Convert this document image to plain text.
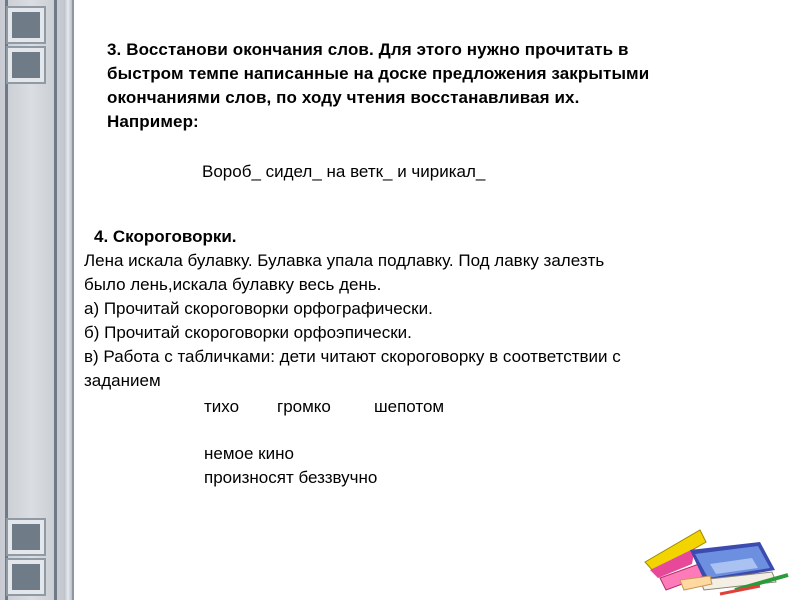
3. Восстанови окончания слов. Для этого нужно прочитать в
быстром темпе написанные на доске предложения закрытыми
окончаниями слов, по ходу чтения восстанавливая их.
Например:
Вороб_ сидел_ на ветк_ и чирикал_
4. Скороговорки.
Лена искала булавку. Булавка упала подлавку. Под лавку залезть
было лень,искала булавку весь день.
а) Прочитай скороговорки орфографически.
б) Прочитай скороговорки орфоэпически.
в) Работа с табличками: дети читают скороговорку в соответствии с
заданием
тихо громко	шепотом
немое кино
произносят беззвучно
